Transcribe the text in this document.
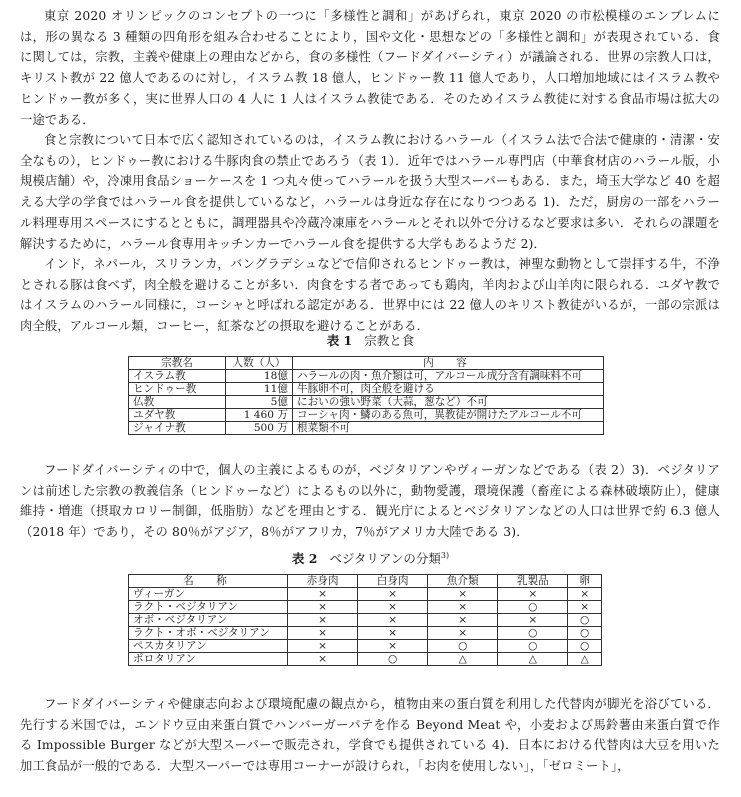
東京 2020 オリンピックのコンセプトの一つに「多様性と調和」があげられ，東京 2020 の市松模様のエンブレムには，形の異なる 3 種類の四角形を組み合わせることにより，国や文化・思想などの「多様性と調和」が表現されている．食に関しては，宗教，主義や健康上の理由などから，食の多様性（フードダイバーシティ）が議論される．世界の宗教人口は，キリスト教が 22 億人であるのに対し，イスラム教 18 億人，ヒンドゥー教 11 億人であり，人口増加地域にはイスラム教やヒンドゥー教が多く，実に世界人口の 4 人に 1 人はイスラム教徒である．そのためイスラム教徒に対する食品市場は拡大の一途である．

食と宗教について日本で広く認知されているのは，イスラム教におけるハラール（イスラム法で合法で健康的・清潔・安全なもの），ヒンドゥー教における牛豚肉食の禁止であろう（表 1）．近年ではハラール専門店（中華食材店のハラール版，小規模店舗）や，冷凍用食品ショーケースを 1 つ丸々使ってハラールを扱う大型スーパーもある．また，埼玉大学など 40 を超える大学の学食ではハラール食を提供しているなど，ハラールは身近な存在になりつつある 1)．ただ，厨房の一部をハラール料理専用スペースにするとともに，調理器具や冷蔵冷凍庫をハラールとそれ以外で分けるなど要求は多い．それらの課題を解決するために，ハラール食専用キッチンカーでハラール食を提供する大学もあるようだ 2)．

インド，ネパール，スリランカ，バングラデシュなどで信仰されるヒンドゥー教は，神聖な動物として崇拝する牛，不浄とされる豚は食べず，肉全般を避けることが多い．肉食をする者であっても鶏肉，羊肉および山羊肉に限られる．ユダヤ教ではイスラムのハラール同様に，コーシャと呼ばれる認定がある．世界中には 22 億人のキリスト教徒がいるが，一部の宗派は肉全般，アルコール類，コーヒー，紅茶などの摂取を避けることがある．

表 1 宗教と食
宗教名	人数（人）	内　容
イスラム教	18億	ハラールの肉・魚介類は可，アルコール成分含有調味料不可
ヒンドゥー教	11億	牛豚卵不可，肉全般を避ける
仏教	5億	においの強い野菜（大蒜，葱など）不可
ユダヤ教	1 460 万	コーシャ肉・鱗のある魚可，異教徒が開けたアルコール不可
ジャイナ教	500 万	根菜類不可

フードダイバーシティの中で，個人の主義によるものが，ベジタリアンやヴィーガンなどである（表 2）3)．ベジタリアンは前述した宗教の教義信条（ヒンドゥーなど）によるもの以外に，動物愛護，環境保護（畜産による森林破壊防止），健康維持・増進（摂取カロリー制御，低脂肪）などを理由とする．観光庁によるとベジタリアンなどの人口は世界で約 6.3 億人（2018 年）であり，その 80％がアジア，8％がアフリカ，7％がアメリカ大陸である 3)．

表 2 ベジタリアンの分類$^{3)}$
名　称	赤身肉	白身肉	魚介類	乳製品	卵
ヴィーガン	×	×	×	×	×
ラクト・ベジタリアン	×	×	×	○	×
オボ・ベジタリアン	×	×	×	×	○
ラクト・オボ・ベジタリアン	×	×	×	○	○
ペスカタリアン	×	×	○	○	○
ポロタリアン	×	○	△	△	△

フードダイバーシティや健康志向および環境配慮の観点から，植物由来の蛋白質を利用した代替肉が脚光を浴びている．先行する米国では，エンドウ豆由来蛋白質でハンバーガーパテを作る Beyond Meat や，小麦および馬鈴薯由来蛋白質で作る Impossible Burger などが大型スーパーで販売され，学食でも提供されている 4)．日本における代替肉は大豆を用いた加工食品が一般的である．大型スーパーでは専用コーナーが設けられ，「お肉を使用しない」，「ゼロミート」，
